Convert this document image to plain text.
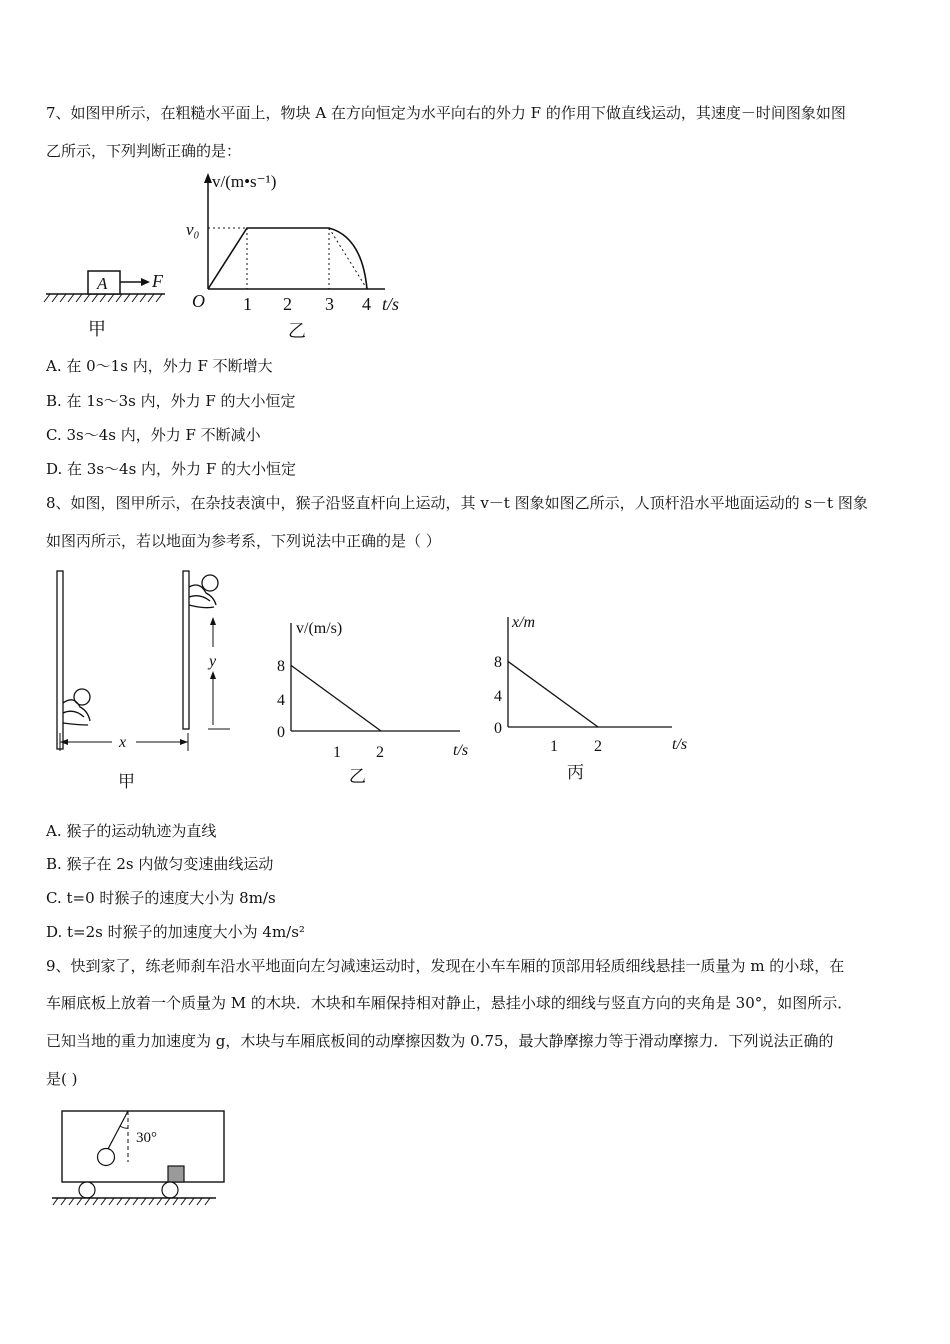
7、如图甲所示，在粗糙水平面上，物块 A 在方向恒定为水平向右的外力 F 的作用下做直线运动，其速度－时间图象如图
乙所示，下列判断正确的是：
A F
甲
v/(m•s⁻¹)
v₀
O 1 2 3 4 t/s
乙
A. 在 0～1s 内，外力 F 不断增大
B. 在 1s～3s 内，外力 F 的大小恒定
C. 3s～4s 内，外力 F 不断减小
D. 在 3s～4s 内，外力 F 的大小恒定
8、如图，图甲所示，在杂技表演中，猴子沿竖直杆向上运动，其 v－t 图象如图乙所示，人顶杆沿水平地面运动的 s－t 图象
如图丙所示，若以地面为参考系，下列说法中正确的是（ ）
y
x
甲
v/(m/s)
8
4
0
1 2	t/s
乙
x/m
8
4
0
1 2	t/s
丙
A. 猴子的运动轨迹为直线
B. 猴子在 2s 内做匀变速曲线运动
C. t=0 时猴子的速度大小为 8m/s
D. t=2s 时猴子的加速度大小为 4m/s²
9、快到家了，练老师刹车沿水平地面向左匀减速运动时，发现在小车车厢的顶部用轻质细线悬挂一质量为 m 的小球，在
车厢底板上放着一个质量为 M 的木块．木块和车厢保持相对静止，悬挂小球的细线与竖直方向的夹角是 30°，如图所示．
已知当地的重力加速度为 g，木块与车厢底板间的动摩擦因数为 0.75，最大静摩擦力等于滑动摩擦力．下列说法正确的
是( )
30°
